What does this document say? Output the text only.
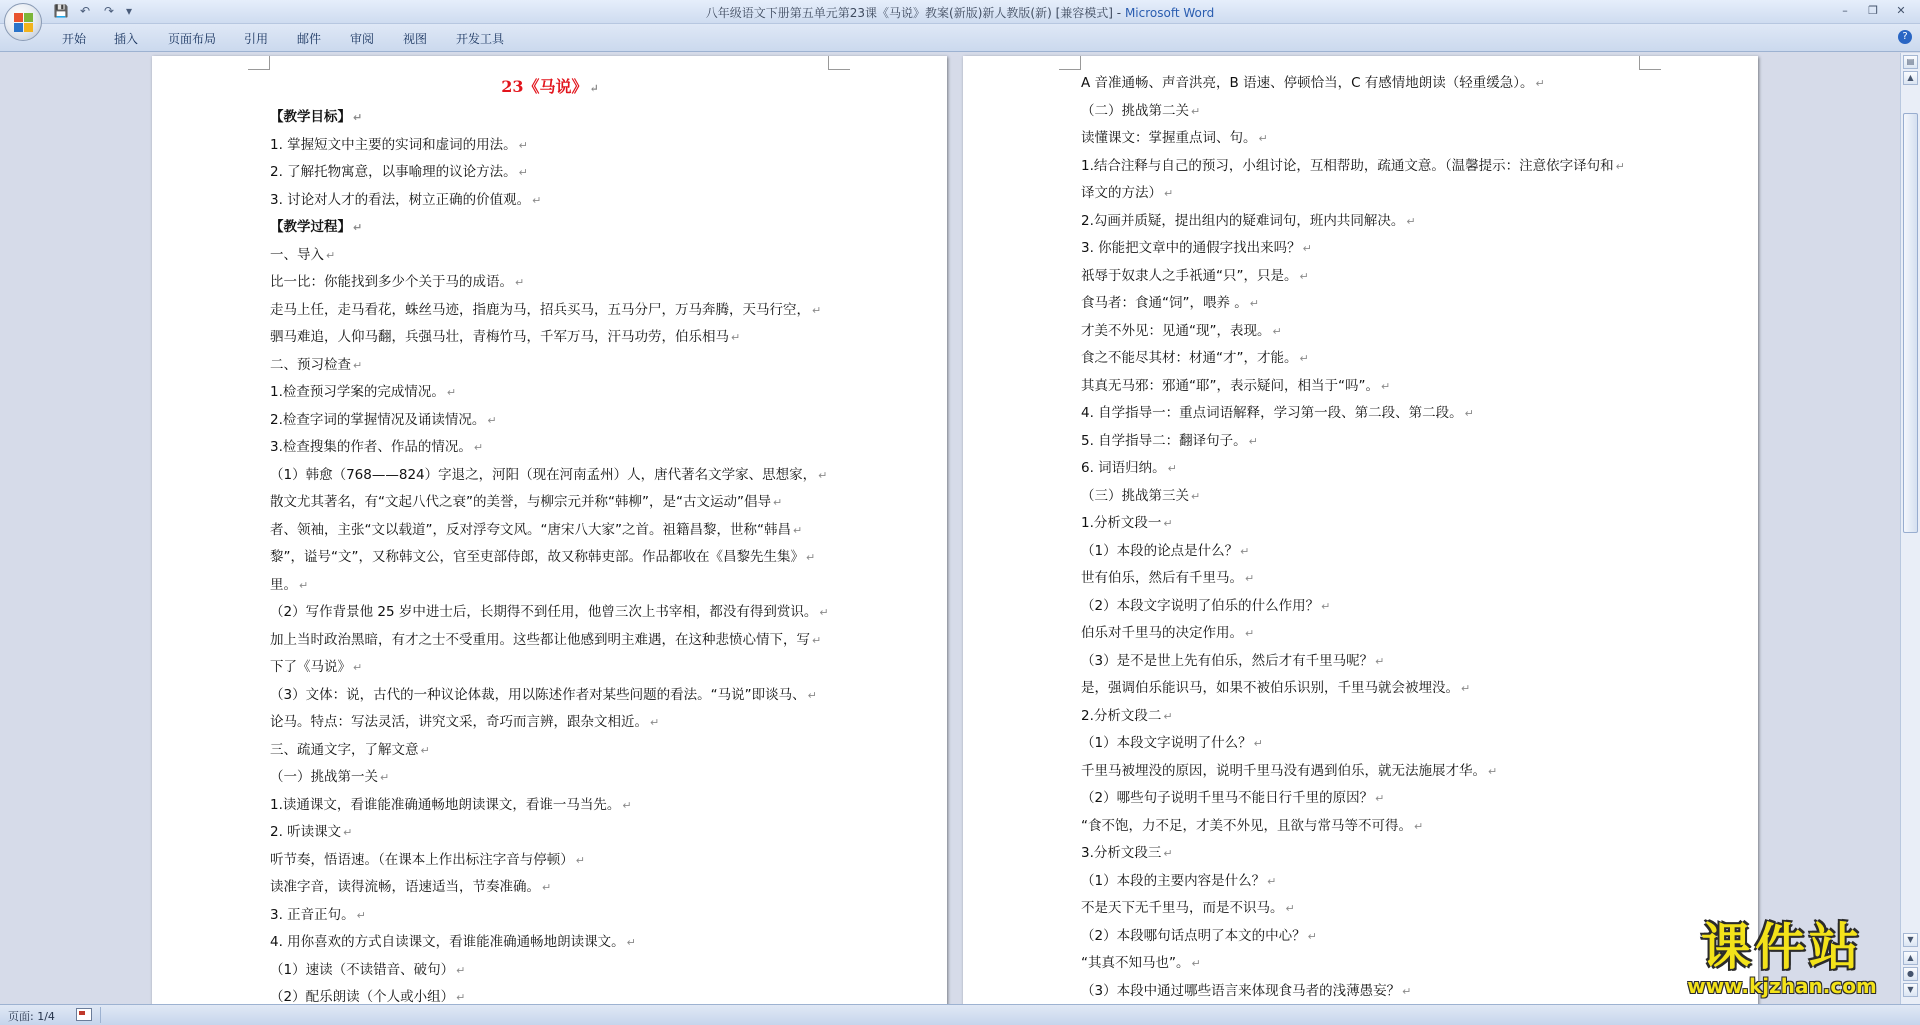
💾 ↶	↷ ▾	八年级语文下册第五单元第23课《马说》教案(新版)新人教版(新) [兼容模式] - Microsoft Word	–	❐	✕
开始 插入 页面布局 引用 邮件 审阅 视图 开发工具	?
23《马说》 ↵
【教学目标】 ↵
1. 掌握短文中主要的实词和虚词的用法。 ↵
2. 了解托物寓意，以事喻理的议论方法。 ↵
3. 讨论对人才的看法，树立正确的价值观。 ↵
【教学过程】 ↵
一、导入 ↵
比一比：你能找到多少个关于马的成语。 ↵
走马上任，走马看花，蛛丝马迹，指鹿为马，招兵买马，五马分尸，万马奔腾，天马行空， ↵
驷马难追，人仰马翻，兵强马壮，青梅竹马，千军万马，汗马功劳，伯乐相马 ↵
二、预习检查 ↵
1.检查预习学案的完成情况。 ↵
2.检查字词的掌握情况及诵读情况。 ↵
3.检查搜集的作者、作品的情况。 ↵
（1）韩愈（768——824）字退之，河阳（现在河南孟州）人，唐代著名文学家、思想家， ↵
散文尤其著名，有“文起八代之衰”的美誉，与柳宗元并称“韩柳”，是“古文运动”倡导 ↵
者、领袖，主张“文以载道”，反对浮夸文风。“唐宋八大家”之首。祖籍昌黎，世称“韩昌 ↵
黎”，谥号“文”，又称韩文公，官至吏部侍郎，故又称韩吏部。作品都收在《昌黎先生集》 ↵
里。 ↵
（2）写作背景他 25 岁中进士后，长期得不到任用，他曾三次上书宰相，都没有得到赏识。 ↵
加上当时政治黑暗，有才之士不受重用。这些都让他感到明主难遇，在这种悲愤心情下，写 ↵
下了《马说》 ↵
（3）文体：说，古代的一种议论体裁，用以陈述作者对某些问题的看法。“马说”即谈马、 ↵
论马。特点：写法灵活，讲究文采，奇巧而言辨，跟杂文相近。 ↵
三、疏通文字，了解文意 ↵
（一）挑战第一关 ↵
1.读通课文，看谁能准确通畅地朗读课文，看谁一马当先。 ↵
2. 听读课文 ↵
听节奏，悟语速。（在课本上作出标注字音与停顿） ↵
读准字音，读得流畅，语速适当，节奏准确。 ↵
3. 正音正句。 ↵
4. 用你喜欢的方式自读课文，看谁能准确通畅地朗读课文。 ↵
（1）速读（不读错音、破句） ↵
（2）配乐朗读（个人或小组） ↵
A 音准通畅、声音洪亮，B 语速、停顿恰当，C 有感情地朗读（轻重缓急）。 ↵
（二）挑战第二关 ↵
读懂课文：掌握重点词、句。 ↵
1.结合注释与自己的预习，小组讨论，互相帮助，疏通文意。（温馨提示：注意依字译句和 ↵
译文的方法） ↵
2.勾画并质疑，提出组内的疑难词句，班内共同解决。 ↵
3. 你能把文章中的通假字找出来吗？ ↵
祇辱于奴隶人之手祇通“只”，只是。 ↵
食马者：食通“饲”，喂养 。 ↵
才美不外见：见通“现”，表现。 ↵
食之不能尽其材：材通“才”，才能。 ↵
其真无马邪：邪通“耶”，表示疑问，相当于“吗”。 ↵
4. 自学指导一：重点词语解释，学习第一段、第二段、第二段。 ↵
5. 自学指导二：翻译句子。 ↵
6. 词语归纳。 ↵
（三）挑战第三关 ↵
1.分析文段一 ↵
（1）本段的论点是什么？ ↵
世有伯乐，然后有千里马。 ↵
（2）本段文字说明了伯乐的什么作用？ ↵
伯乐对千里马的决定作用。 ↵
（3）是不是世上先有伯乐，然后才有千里马呢？ ↵
是，强调伯乐能识马，如果不被伯乐识别，千里马就会被埋没。 ↵
2.分析文段二 ↵
（1）本段文字说明了什么？ ↵
千里马被埋没的原因，说明千里马没有遇到伯乐，就无法施展才华。 ↵
（2）哪些句子说明千里马不能日行千里的原因？ ↵
“食不饱，力不足，才美不外见，且欲与常马等不可得。 ↵
3.分析文段三 ↵
（1）本段的主要内容是什么？ ↵
不是天下无千里马，而是不识马。 ↵
（2）本段哪句话点明了本文的中心？ ↵
“其真不知马也”。 ↵
（3）本段中通过哪些语言来体现食马者的浅薄愚妄？ ↵
▤
▲
▼
▲
●
▼
页面: 1/4
课件站
www.kjzhan.com
